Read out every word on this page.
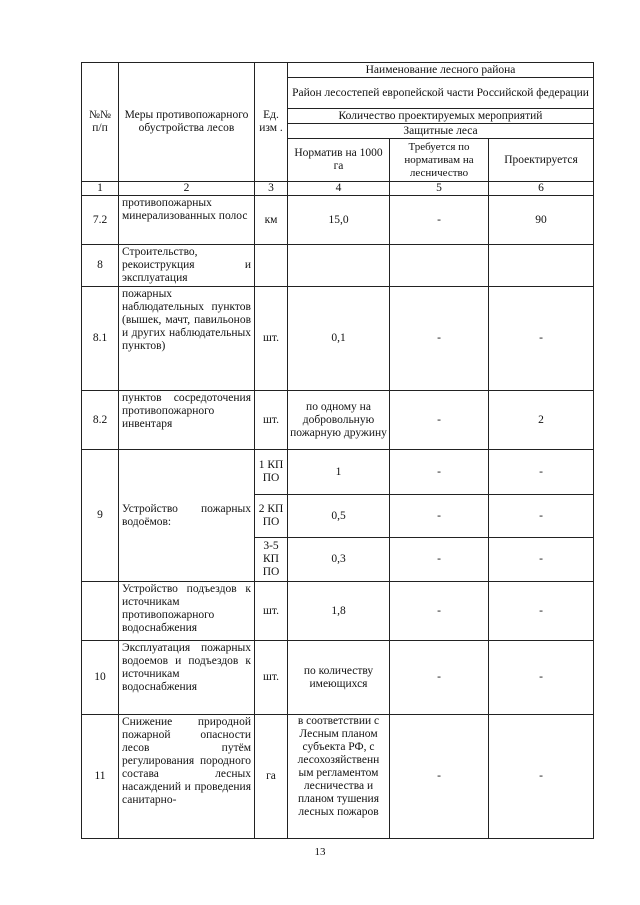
№№ п/п	Меры противопожарного обустройства лесов	Ед. изм .	Наименование лесного района		
			Район лесостепей европейской части Российской федерации		
			Количество проектируемых мероприятий		
			Защитные леса		
			Норматив на 1000 га	Требуется по нормативам на лесничество	Проектируется
1	2	3	4	5	6
7.2	противопожарных минерализованных полос	км	15,0	-	90
8	Строительство, рекоиструкция и эксплуатация				
8.1	пожарных наблюдательных пунктов (вышек, мачт, павильонов и других наблюдательных пунктов)	шт.	0,1	-	-
8.2	пунктов сосредоточения противопожарного инвентаря	шт.	по одному на добровольную пожарную дружину	-	2
9	Устройство пожарных водоёмов:	1 КП ПО	1	-	-
		2 КП ПО	0,5	-	-
		3-5 КП ПО	0,3	-	-
	Устройство подъездов к источникам противопожарного водоснабжения	шт.	1,8	-	-
10	Эксплуатация пожарных водоемов и подъездов к источникам водоснабжения	шт.	по количеству имеющихся	-	-
11	Снижение природной пожарной опасности лесов путём регулирования породного состава лесных насаждений и проведения санитарно-	га	в соответствии с Лесным планом субъекта РФ, с лесохозяйственн ым регламентом лесничества и планом тушения лесных пожаров	-	-
13
